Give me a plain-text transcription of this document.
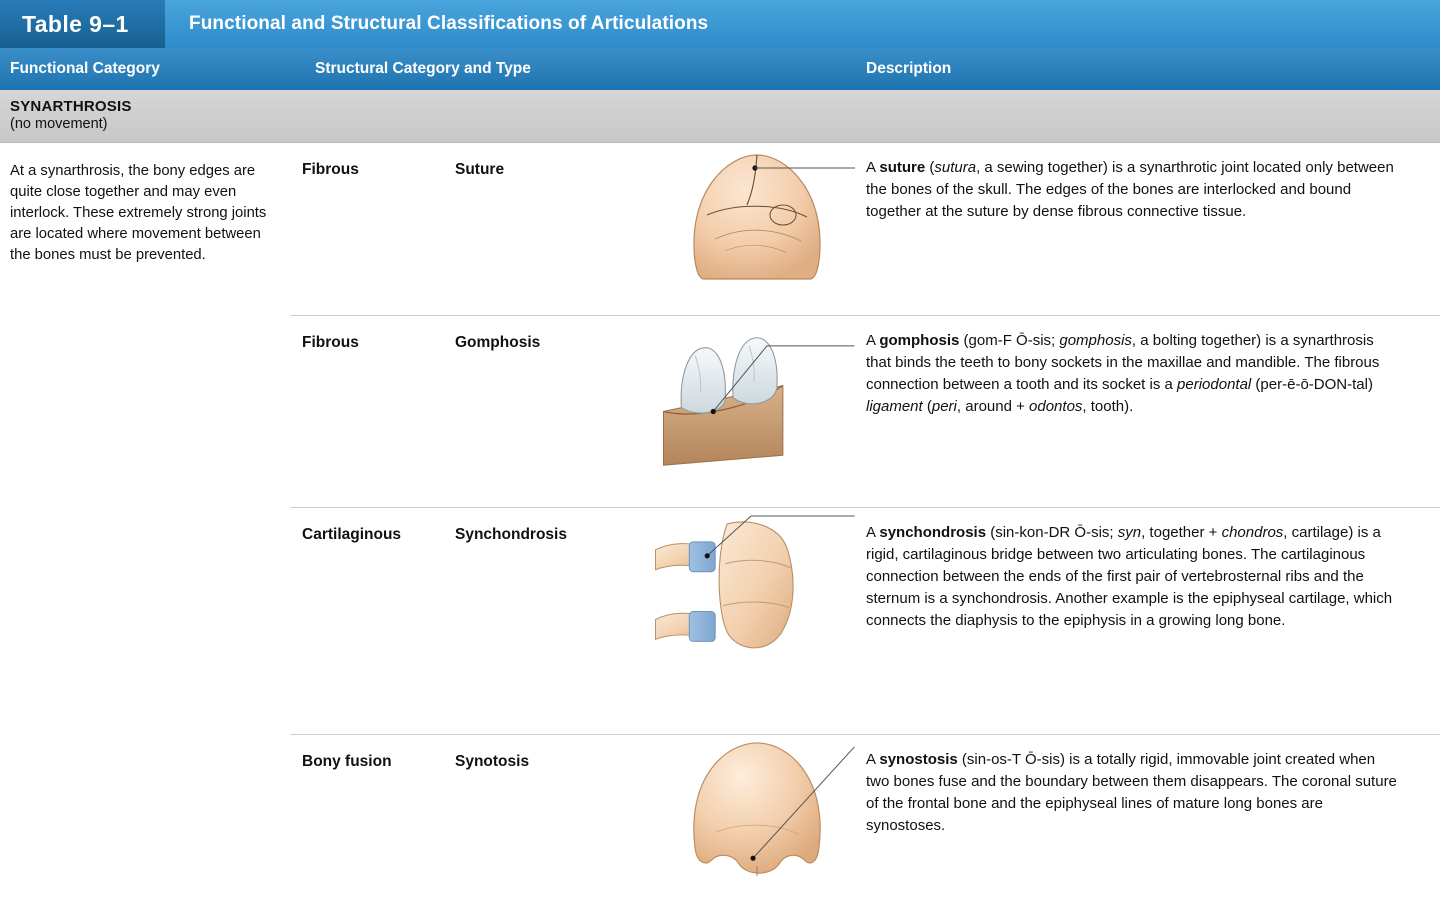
Table 9–1	Functional and Structural Classifications of Articulations
Functional Category	Structural Category and Type	Description
SYNARTHROSIS
(no movement)
At a synarthrosis, the bony edges are quite close together and may even interlock. These extremely strong joints are located where movement between the bones must be prevented.
Fibrous	Suture	A suture (sutura, a sewing together) is a synarthrotic joint located only between the bones of the skull. The edges of the bones are interlocked and bound together at the suture by dense fibrous connective tissue.
Fibrous	Gomphosis	A gomphosis (gom-F Ō-sis; gomphosis, a bolting together) is a synarthrosis that binds the teeth to bony sockets in the maxillae and mandible. The fibrous connection between a tooth and its socket is a periodontal (per-ē-ō-DON-tal) ligament (peri, around + odontos, tooth).
Cartilaginous	Synchondrosis	A synchondrosis (sin-kon-DR Ō-sis; syn, together + chondros, cartilage) is a rigid, cartilaginous bridge between two articulating bones. The cartilaginous connection between the ends of the first pair of vertebrosternal ribs and the sternum is a synchondrosis. Another example is the epiphyseal cartilage, which connects the diaphysis to the epiphysis in a growing long bone.
Bony fusion	Synotosis	A synostosis (sin-os-T Ō-sis) is a totally rigid, immovable joint created when two bones fuse and the boundary between them disappears. The coronal suture of the frontal bone and the epiphyseal lines of mature long bones are synostoses.
